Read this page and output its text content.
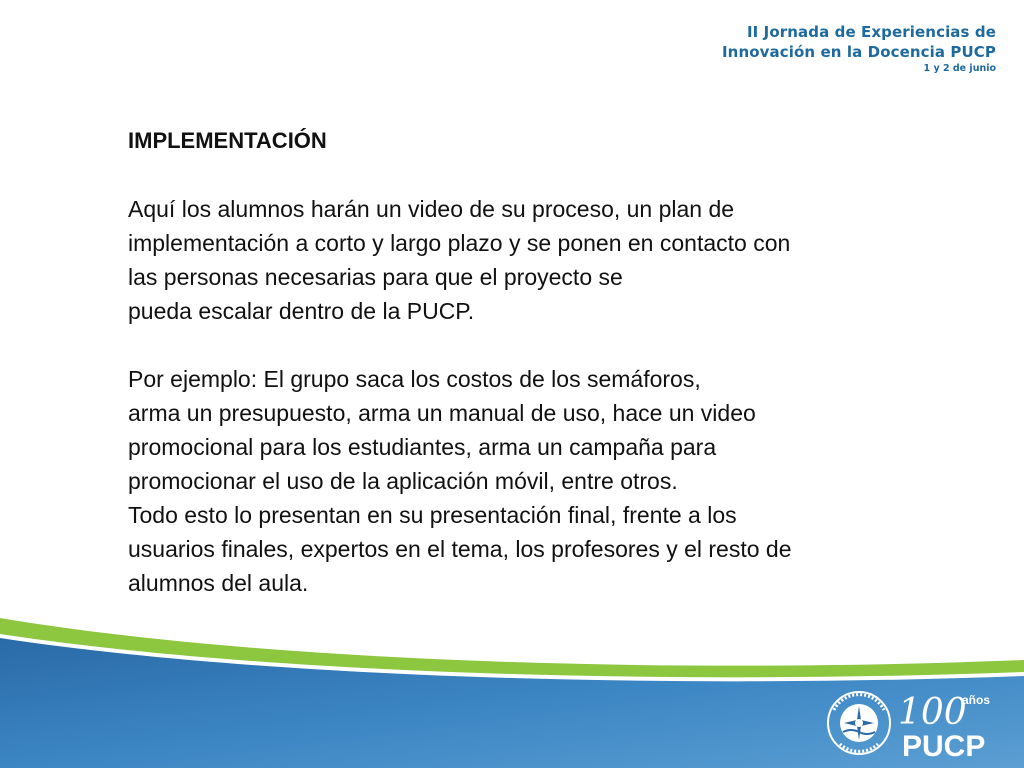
II Jornada de Experiencias de
Innovación en la Docencia PUCP
1 y 2 de junio
IMPLEMENTACIÓN
Aquí los alumnos harán un video de su proceso, un plan de
implementación a corto y largo plazo y se ponen en contacto con
las personas necesarias para que el proyecto se
pueda escalar dentro de la PUCP.
Por ejemplo: El grupo saca los costos de los semáforos,
arma un presupuesto, arma un manual de uso, hace un video
promocional para los estudiantes, arma un campaña para
promocionar el uso de la aplicación móvil, entre otros.
Todo esto lo presentan en su presentación final, frente a los
usuarios finales, expertos en el tema, los profesores y el resto de
alumnos del aula.
100
años
PUCP
